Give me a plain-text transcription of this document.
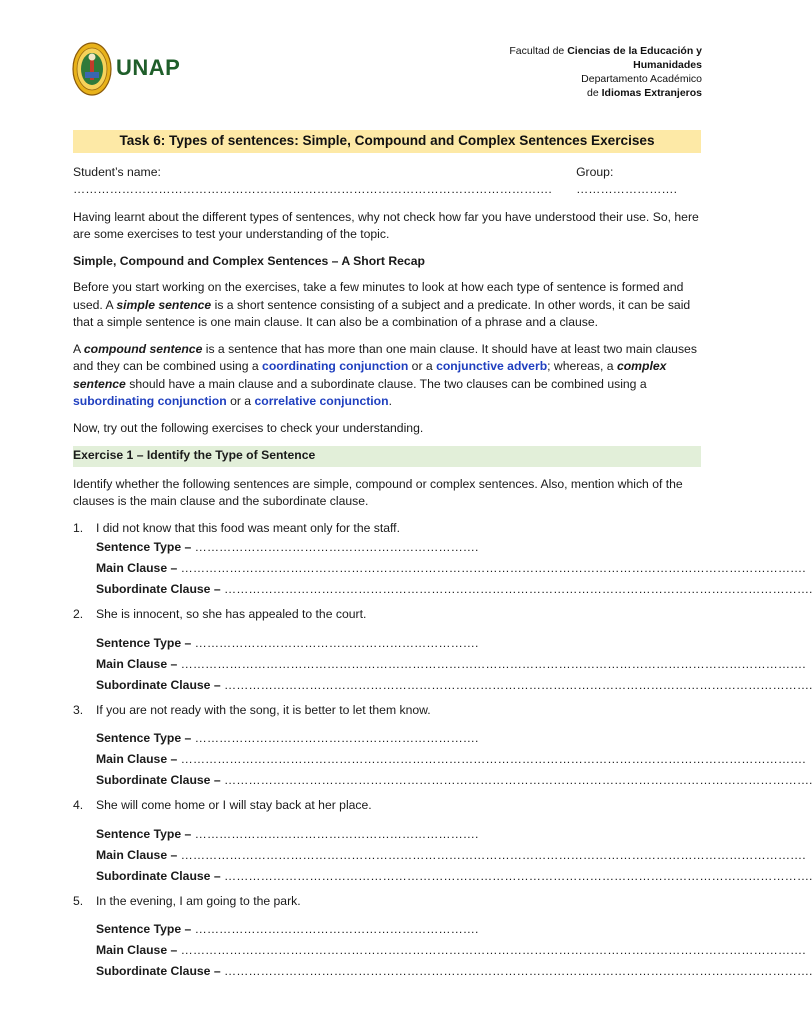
UNAP
Facultad de Ciencias de la Educación y
Humanidades
Departamento Académico
de Idiomas Extranjeros
Task 6: Types of sentences: Simple, Compound and Complex Sentences Exercises
Student’s name: ……………………………………………………………………………………………………….
Group: …………………….

Having learnt about the different types of sentences, why not check how far you have understood their use. So, here are some exercises to test your understanding of the topic.

Simple, Compound and Complex Sentences – A Short Recap

Before you start working on the exercises, take a few minutes to look at how each type of sentence is formed and used. A simple sentence is a short sentence consisting of a subject and a predicate. In other words, it can be said that a simple sentence is one main clause. It can also be a combination of a phrase and a clause.

A compound sentence is a sentence that has more than one main clause. It should have at least two main clauses and they can be combined using a coordinating conjunction or a conjunctive adverb; whereas, a complex sentence should have a main clause and a subordinate clause. The two clauses can be combined using a subordinating conjunction or a correlative conjunction.

Now, try out the following exercises to check your understanding.

Exercise 1 – Identify the Type of Sentence

Identify whether the following sentences are simple, compound or complex sentences. Also, mention which of the clauses is the main clause and the subordinate clause.

1.	I did not know that this food was meant only for the staff.
Sentence Type – …………………………………………………………….
Main Clause – ……………………………………………………………………………………………………………………………………….
Subordinate Clause – ……………………………………………………………………………………………………………………………….
2.	She is innocent, so she has appealed to the court.
Sentence Type – …………………………………………………………….
Main Clause – ……………………………………………………………………………………………………………………………………….
Subordinate Clause – ……………………………………………………………………………………………………………………………….
3.	If you are not ready with the song, it is better to let them know.
Sentence Type – …………………………………………………………….
Main Clause – ……………………………………………………………………………………………………………………………………….
Subordinate Clause – ……………………………………………………………………………………………………………………………….
4.	She will come home or I will stay back at her place.
Sentence Type – …………………………………………………………….
Main Clause – ……………………………………………………………………………………………………………………………………….
Subordinate Clause – ……………………………………………………………………………………………………………………………….
5.	In the evening, I am going to the park.
Sentence Type – …………………………………………………………….
Main Clause – ……………………………………………………………………………………………………………………………………….
Subordinate Clause – ……………………………………………………………………………………………………………………………….
